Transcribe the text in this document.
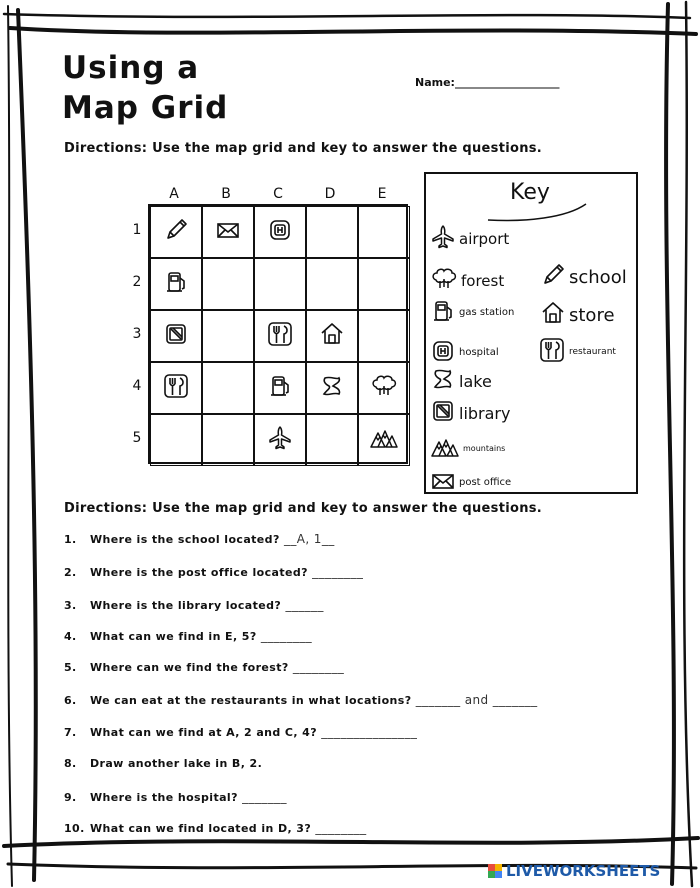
Using a
Map Grid
Name:___________________
Directions: Use the map grid and key to answer the questions.
A	B	C	D	E
1
2
3
4
5
Key
airport
forest	school
gas station	store
hospital	restaurant
lake
library
mountains
post office
Directions: Use the map grid and key to answer the questions.
1. Where is the school located? __A, 1__
2. Where is the post office located? ________
3. Where is the library located? ______
4. What can we find in E, 5? ________
5. Where can we find the forest? ________
6. We can eat at the restaurants in what locations? _______ and _______
7. What can we find at A, 2 and C, 4? _______________
8. Draw another lake in B, 2.
9. Where is the hospital? _______
10. What can we find located in D, 3? ________
LIVEWORKSHEETS
